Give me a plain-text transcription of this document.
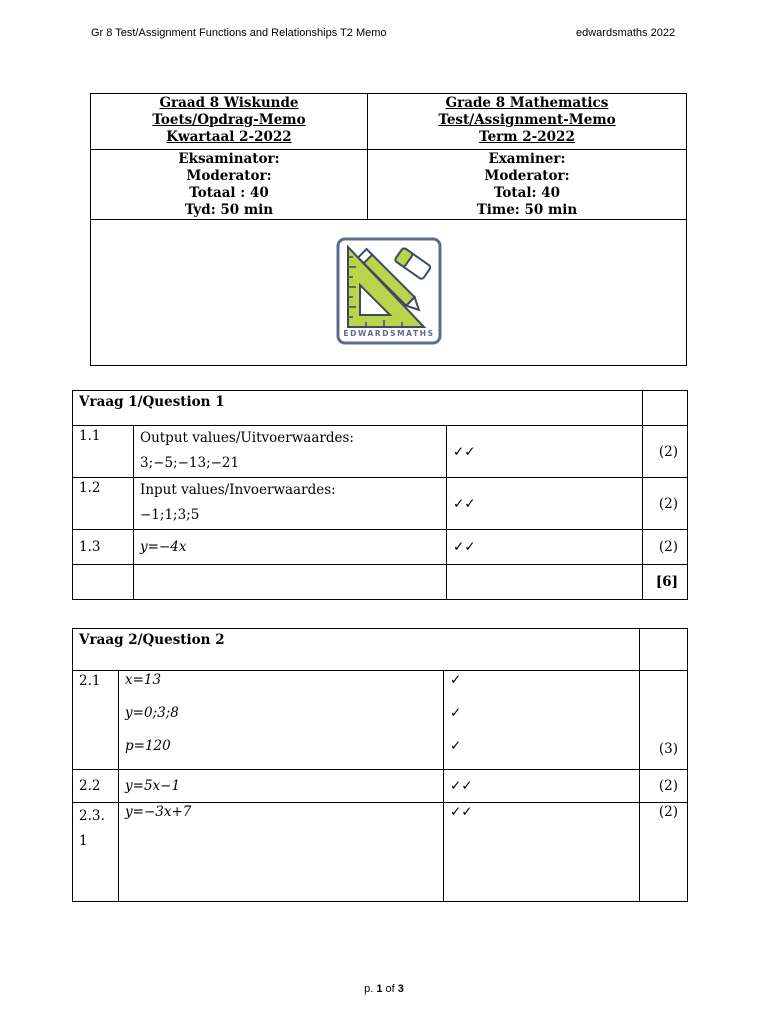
Gr 8 Test/Assignment Functions and Relationships T2 Memo	edwardsmaths 2022
Graad 8 Wiskunde
Toets/Opdrag-Memo
Kwartaal 2-2022	Grade 8 Mathematics
Test/Assignment-Memo
Term 2-2022

Eksaminator:
Moderator:
Totaal : 40
Tyd: 50 min	Examiner:
Moderator:
Total: 40
Time: 50 min

EDWARDSMATHS	
Vraag 1/Question 1			
1.1	Output values/Uitvoerwaardes:
3;−5;−13;−21	✓✓	(2)
1.2	Input values/Invoerwaardes:
−1;1;3;5	✓✓	(2)
1.3	y=−4x	✓✓	(2)
			[6]
Vraag 2/Question 2			
2.1	x=13
y=0;3;8
p=120	✓
✓
✓	(3)
2.2	y=5x−1	✓✓	(2)

2.3.
1	y=−3x+7	✓✓	(2)
p. 1 of 3
